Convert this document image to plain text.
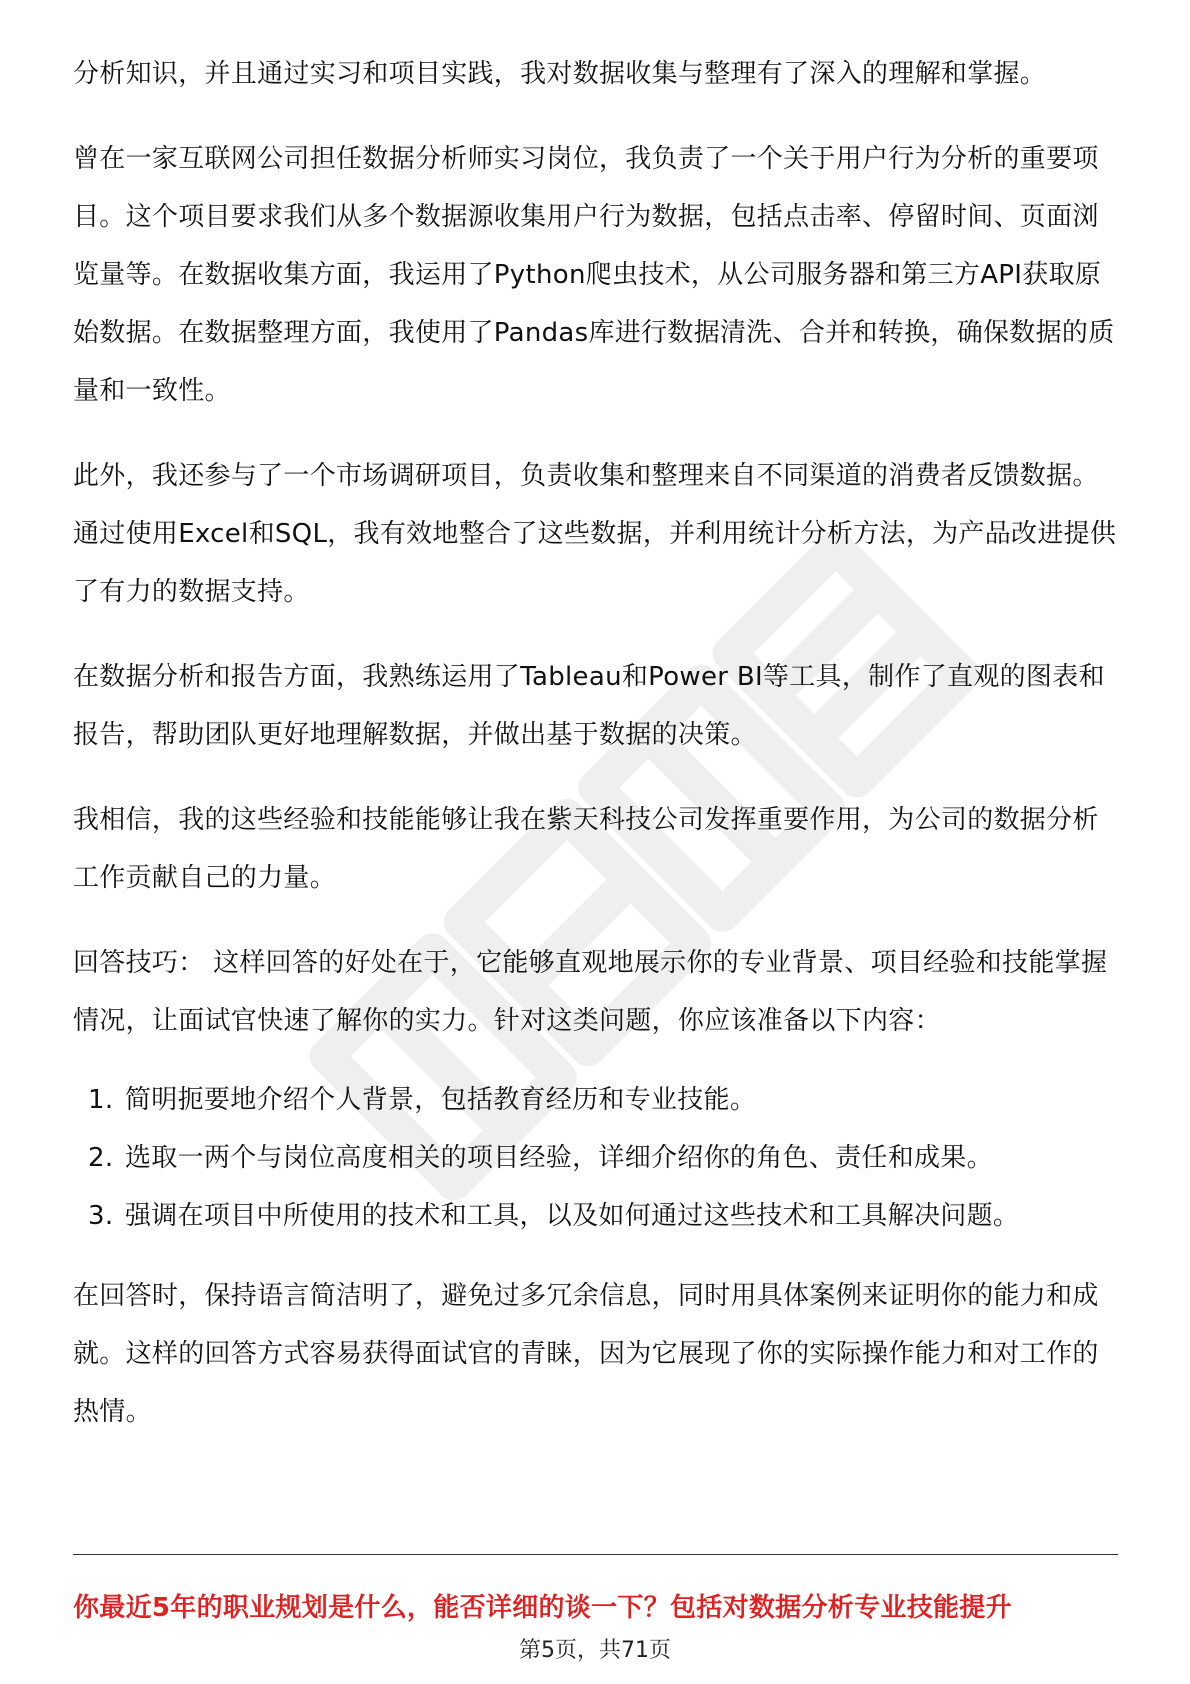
分析知识，并且通过实习和项目实践，我对数据收集与整理有了深入的理解和掌握。

曾在一家互联网公司担任数据分析师实习岗位，我负责了一个关于用户行为分析的重要项目。这个项目要求我们从多个数据源收集用户行为数据，包括点击率、停留时间、页面浏览量等。在数据收集方面，我运用了Python爬虫技术，从公司服务器和第三方API获取原始数据。在数据整理方面，我使用了Pandas库进行数据清洗、合并和转换，确保数据的质量和一致性。

此外，我还参与了一个市场调研项目，负责收集和整理来自不同渠道的消费者反馈数据。通过使用Excel和SQL，我有效地整合了这些数据，并利用统计分析方法，为产品改进提供了有力的数据支持。

在数据分析和报告方面，我熟练运用了Tableau和Power BI等工具，制作了直观的图表和报告，帮助团队更好地理解数据，并做出基于数据的决策。

我相信，我的这些经验和技能能够让我在紫天科技公司发挥重要作用，为公司的数据分析工作贡献自己的力量。

回答技巧： 这样回答的好处在于，它能够直观地展示你的专业背景、项目经验和技能掌握情况，让面试官快速了解你的实力。针对这类问题，你应该准备以下内容：

1. 简明扼要地介绍个人背景，包括教育经历和专业技能。
2. 选取一两个与岗位高度相关的项目经验，详细介绍你的角色、责任和成果。
3. 强调在项目中所使用的技术和工具，以及如何通过这些技术和工具解决问题。

在回答时，保持语言简洁明了，避免过多冗余信息，同时用具体案例来证明你的能力和成就。这样的回答方式容易获得面试官的青睐，因为它展现了你的实际操作能力和对工作的热情。

你最近5年的职业规划是什么，能否详细的谈一下？包括对数据分析专业技能提升
第5页，共71页
